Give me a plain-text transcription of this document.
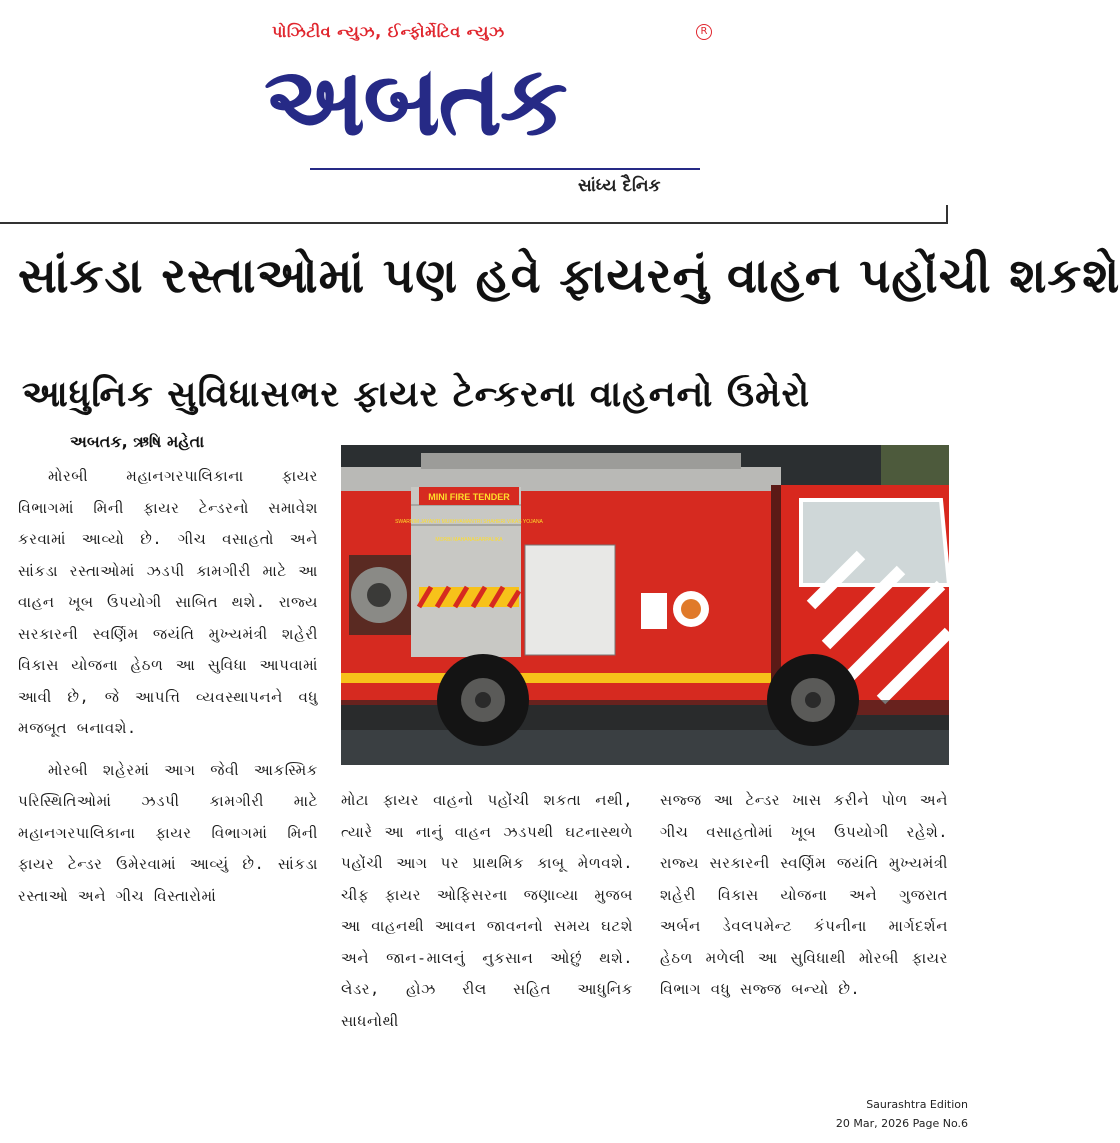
પોઝિટીવ ન્યુઝ, ઈન્ફોર્મેટિવ ન્યુઝ	R
અબતક
સાંધ્ય દૈનિક
સાંકડા રસ્તાઓમાં પણ હવે ફાયરનું વાહન પહોંચી શકશે
આધુનિક સુવિધાસભર ફાયર ટેન્કરના વાહનનો ઉમેરો
અબતક, ઋષિ મહેતા

મોરબી મહાનગરપાલિકાના ફાયર વિભાગમાં મિની ફાયર ટેન્ડરનો સમાવેશ કરવામાં આવ્યો છે. ગીચ વસાહતો અને સાંકડા રસ્તાઓમાં ઝડપી કામગીરી માટે આ વાહન ખૂબ ઉપયોગી સાબિત થશે. રાજ્ય સરકારની સ્વર્ણિમ જયંતિ મુખ્યમંત્રી શહેરી વિકાસ યોજના હેઠળ આ સુવિધા આપવામાં આવી છે, જે આપત્તિ વ્યવસ્થાપનને વધુ મજબૂત બનાવશે.

મોરબી શહેરમાં આગ જેવી આકસ્મિક પરિસ્થિતિઓમાં ઝડપી કામગીરી માટે મહાનગરપાલિકાના ફાયર વિભાગમાં મિની ફાયર ટેન્ડર ઉમેરવામાં આવ્યું છે. સાંકડા રસ્તાઓ અને ગીચ વિસ્તારોમાં

MINI FIRE TENDER
SWARNIM JAYANTI MUKHYAMANTRI SHAHERI VIKAS YOJANA
MORBI MAHANAGARPALIKA
મોટા ફાયર વાહનો પહોંચી શકતા નથી, ત્યારે આ નાનું વાહન ઝડપથી ઘટનાસ્થળે પહોંચી આગ પર પ્રાથમિક કાબૂ મેળવશે. ચીફ ફાયર ઓફિસરના જણાવ્યા મુજબ આ વાહનથી આવન જાવનનો સમય ઘટશે અને જાન-માલનું નુકસાન ઓછું થશે. લેડર, હોઝ રીલ સહિત આધુનિક સાધનોથી
સજ્જ આ ટેન્ડર ખાસ કરીને પોળ અને ગીચ વસાહતોમાં ખૂબ ઉપયોગી રહેશે. રાજ્ય સરકારની સ્વર્ણિમ જયંતિ મુખ્યમંત્રી શહેરી વિકાસ યોજના અને ગુજરાત અર્બન ડેવલપમેન્ટ કંપનીના માર્ગદર્શન હેઠળ મળેલી આ સુવિધાથી મોરબી ફાયર વિભાગ વધુ સજ્જ બન્યો છે.
Saurashtra Edition
20 Mar, 2026 Page No.6
